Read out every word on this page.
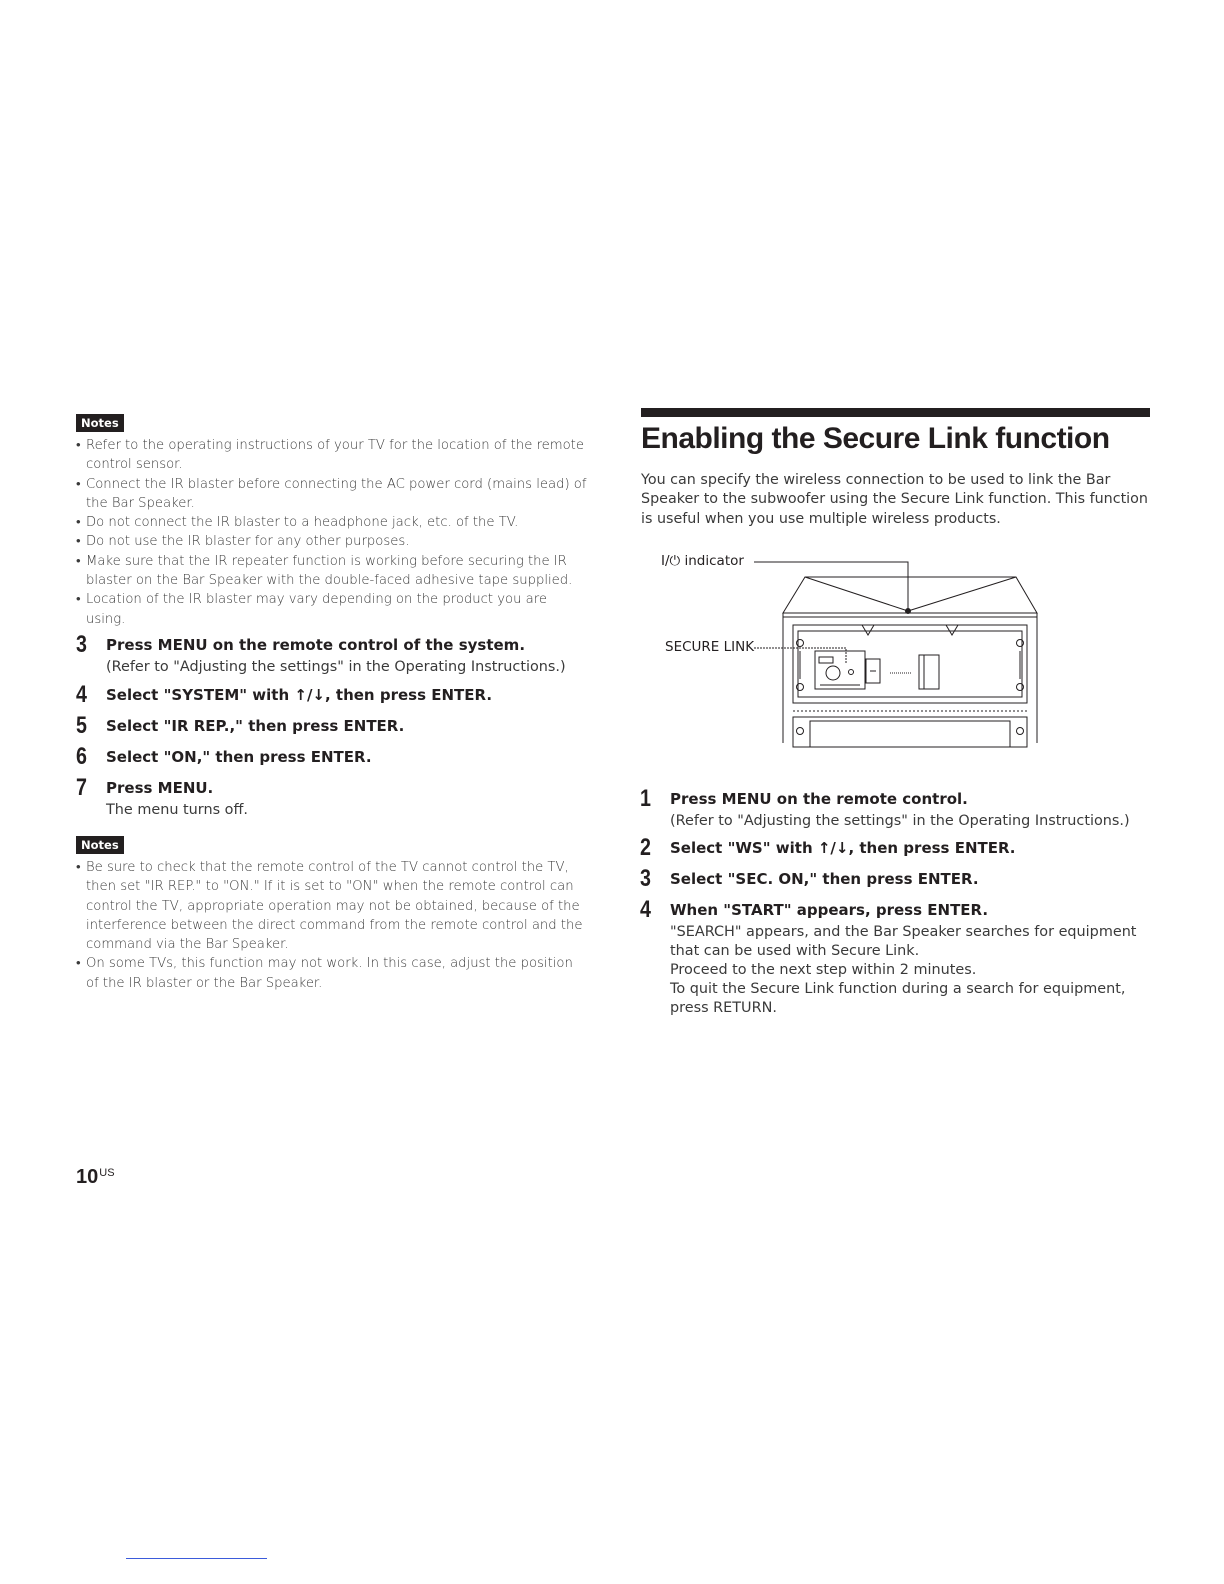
Notes
• Refer to the operating instructions of your TV for the location of the remote control sensor.
• Connect the IR blaster before connecting the AC power cord (mains lead) of the Bar Speaker.
• Do not connect the IR blaster to a headphone jack, etc. of the TV.
• Do not use the IR blaster for any other purposes.
• Make sure that the IR repeater function is working before securing the IR blaster on the Bar Speaker with the double-faced adhesive tape supplied.
• Location of the IR blaster may vary depending on the product you are using.
3 Press MENU on the remote control of the system.
(Refer to "Adjusting the settings" in the Operating Instructions.)
4 Select "SYSTEM" with ↑/↓, then press ENTER.
5 Select "IR REP.," then press ENTER.
6 Select "ON," then press ENTER.
7 Press MENU.
The menu turns off.
Notes
• Be sure to check that the remote control of the TV cannot control the TV, then set "IR REP." to "ON." If it is set to "ON" when the remote control can control the TV, appropriate operation may not be obtained, because of the interference between the direct command from the remote control and the command via the Bar Speaker.
• On some TVs, this function may not work. In this case, adjust the position of the IR blaster or the Bar Speaker.
Enabling the Secure Link function
You can specify the wireless connection to be used to link the Bar Speaker to the subwoofer using the Secure Link function. This function is useful when you use multiple wireless products.
I/⏻ indicator
SECURE LINK
1 Press MENU on the remote control.
(Refer to "Adjusting the settings" in the Operating Instructions.)
2 Select "WS" with ↑/↓, then press ENTER.
3 Select "SEC. ON," then press ENTER.
4 When "START" appears, press ENTER.
"SEARCH" appears, and the Bar Speaker searches for equipment that can be used with Secure Link.
Proceed to the next step within 2 minutes.
To quit the Secure Link function during a search for equipment, press RETURN.
$10^{US}$
